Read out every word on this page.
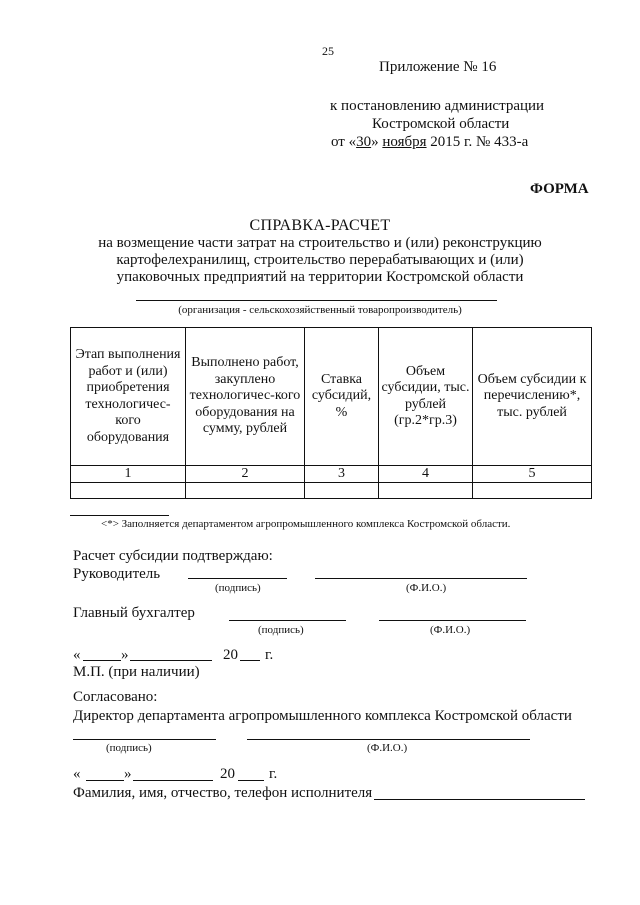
25
Приложение № 16
к постановлению администрации
Костромской области
от «30» ноября 2015 г. № 433-а
ФОРМА
СПРАВКА-РАСЧЕТ
на возмещение части затрат на строительство и (или) реконструкцию картофелехранилищ, строительство перерабатывающих и (или) упаковочных предприятий на территории Костромской области
(организация - сельскохозяйственный товаропроизводитель)
Этап выполнения работ и (или) приобретения технологичес-кого оборудования	Выполнено работ, закуплено технологичес-кого оборудования на сумму, рублей	Ставка субсидий, %	Объем субсидии, тыс. рублей (гр.2*гр.3)	Объем субсидии к перечислению*, тыс. рублей
1	2	3	4	5

<*> Заполняется департаментом агропромышленного комплекса Костромской области.
Расчет субсидии подтверждаю:
Руководитель
(подпись)	(Ф.И.О.)
Главный бухгалтер
(подпись)	(Ф.И.О.)
«	»	20 г.
М.П. (при наличии)
Согласовано:
Директор департамента агропромышленного комплекса Костромской области
(подпись)	(Ф.И.О.)
«	»	20 г.
Фамилия, имя, отчество, телефон исполнителя
